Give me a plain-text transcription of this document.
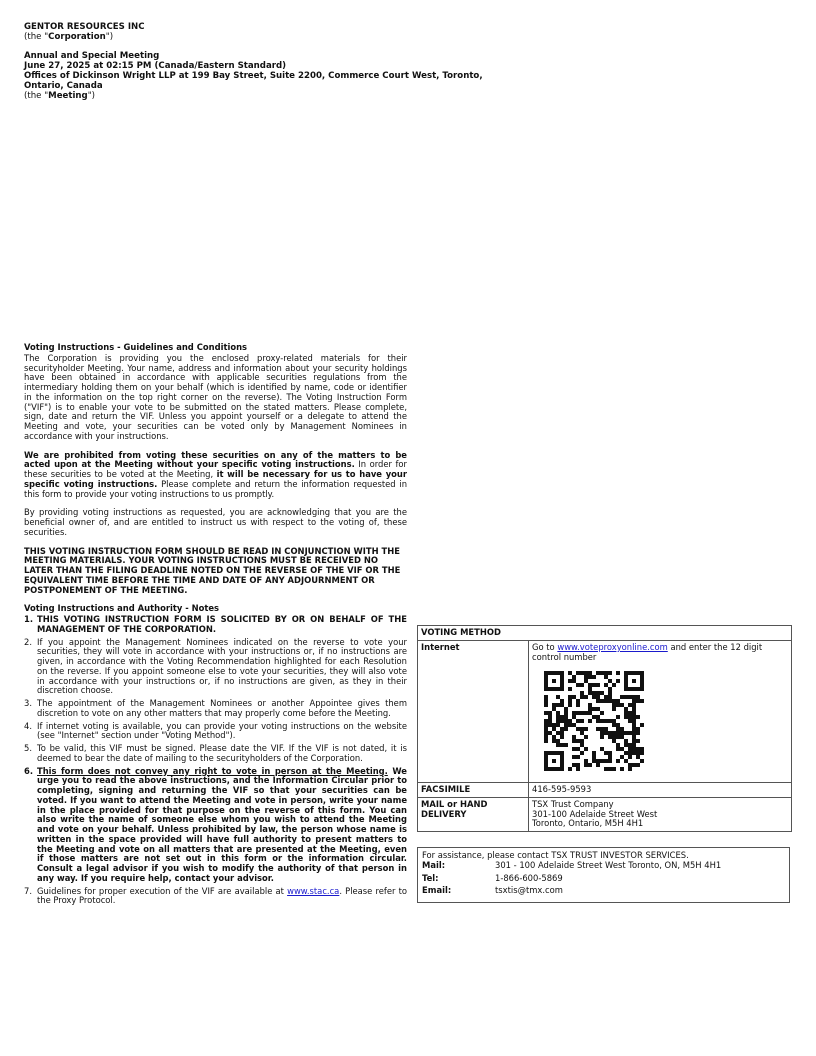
GENTOR RESOURCES INC
(the "Corporation")
Annual and Special Meeting
June 27, 2025 at 02:15 PM (Canada/Eastern Standard)
Offices of Dickinson Wright LLP at 199 Bay Street, Suite 2200, Commerce Court West, Toronto,
Ontario, Canada
(the "Meeting")

Voting Instructions - Guidelines and Conditions

The Corporation is providing you the enclosed proxy-related materials for their securityholder Meeting. Your name, address and information about your security holdings have been obtained in accordance with applicable securities regulations from the intermediary holding them on your behalf (which is identified by name, code or identifier in the information on the top right corner on the reverse). The Voting Instruction Form ("VIF") is to enable your vote to be submitted on the stated matters. Please complete, sign, date and return the VIF. Unless you appoint yourself or a delegate to attend the Meeting and vote, your securities can be voted only by Management Nominees in accordance with your instructions.

We are prohibited from voting these securities on any of the matters to be acted upon at the Meeting without your specific voting instructions. In order for these securities to be voted at the Meeting, it will be necessary for us to have your specific voting instructions. Please complete and return the information requested in this form to provide your voting instructions to us promptly.

By providing voting instructions as requested, you are acknowledging that you are the beneficial owner of, and are entitled to instruct us with respect to the voting of, these securities.

THIS VOTING INSTRUCTION FORM SHOULD BE READ IN CONJUNCTION WITH THE MEETING MATERIALS. YOUR VOTING INSTRUCTIONS MUST BE RECEIVED NO LATER THAN THE FILING DEADLINE NOTED ON THE REVERSE OF THE VIF OR THE EQUIVALENT TIME BEFORE THE TIME AND DATE OF ANY ADJOURNMENT OR POSTPONEMENT OF THE MEETING.

Voting Instructions and Authority - Notes

1. THIS VOTING INSTRUCTION FORM IS SOLICITED BY OR ON BEHALF OF THE MANAGEMENT OF THE CORPORATION.
2. If you appoint the Management Nominees indicated on the reverse to vote your securities, they will vote in accordance with your instructions or, if no instructions are given, in accordance with the Voting Recommendation highlighted for each Resolution on the reverse. If you appoint someone else to vote your securities, they will also vote in accordance with your instructions or, if no instructions are given, as they in their discretion choose.
3. The appointment of the Management Nominees or another Appointee gives them discretion to vote on any other matters that may properly come before the Meeting.
4. If internet voting is available, you can provide your voting instructions on the website (see "Internet" section under "Voting Method").
5. To be valid, this VIF must be signed. Please date the VIF. If the VIF is not dated, it is deemed to bear the date of mailing to the securityholders of the Corporation.
6. This form does not convey any right to vote in person at the Meeting. We urge you to read the above instructions, and the Information Circular prior to completing, signing and returning the VIF so that your securities can be voted. If you want to attend the Meeting and vote in person, write your name in the place provided for that purpose on the reverse of this form. You can also write the name of someone else whom you wish to attend the Meeting and vote on your behalf. Unless prohibited by law, the person whose name is written in the space provided will have full authority to present matters to the Meeting and vote on all matters that are presented at the Meeting, even if those matters are not set out in this form or the information circular. Consult a legal advisor if you wish to modify the authority of that person in any way. If you require help, contact your advisor.
7. Guidelines for proper execution of the VIF are available at www.stac.ca. Please refer to the Proxy Protocol.
VOTING METHOD	
Internet	Go to www.voteproxyonline.com and enter the 12 digit control number

FACSIMILE	416-595-9593
MAIL or HAND
DELIVERY	TSX Trust Company
301-100 Adelaide Street West
Toronto, Ontario, M5H 4H1
For assistance, please contact TSX TRUST INVESTOR SERVICES.
Mail:	301 - 100 Adelaide Street West Toronto, ON, M5H 4H1
Tel:	1-866-600-5869
Email:	tsxtis@tmx.com
